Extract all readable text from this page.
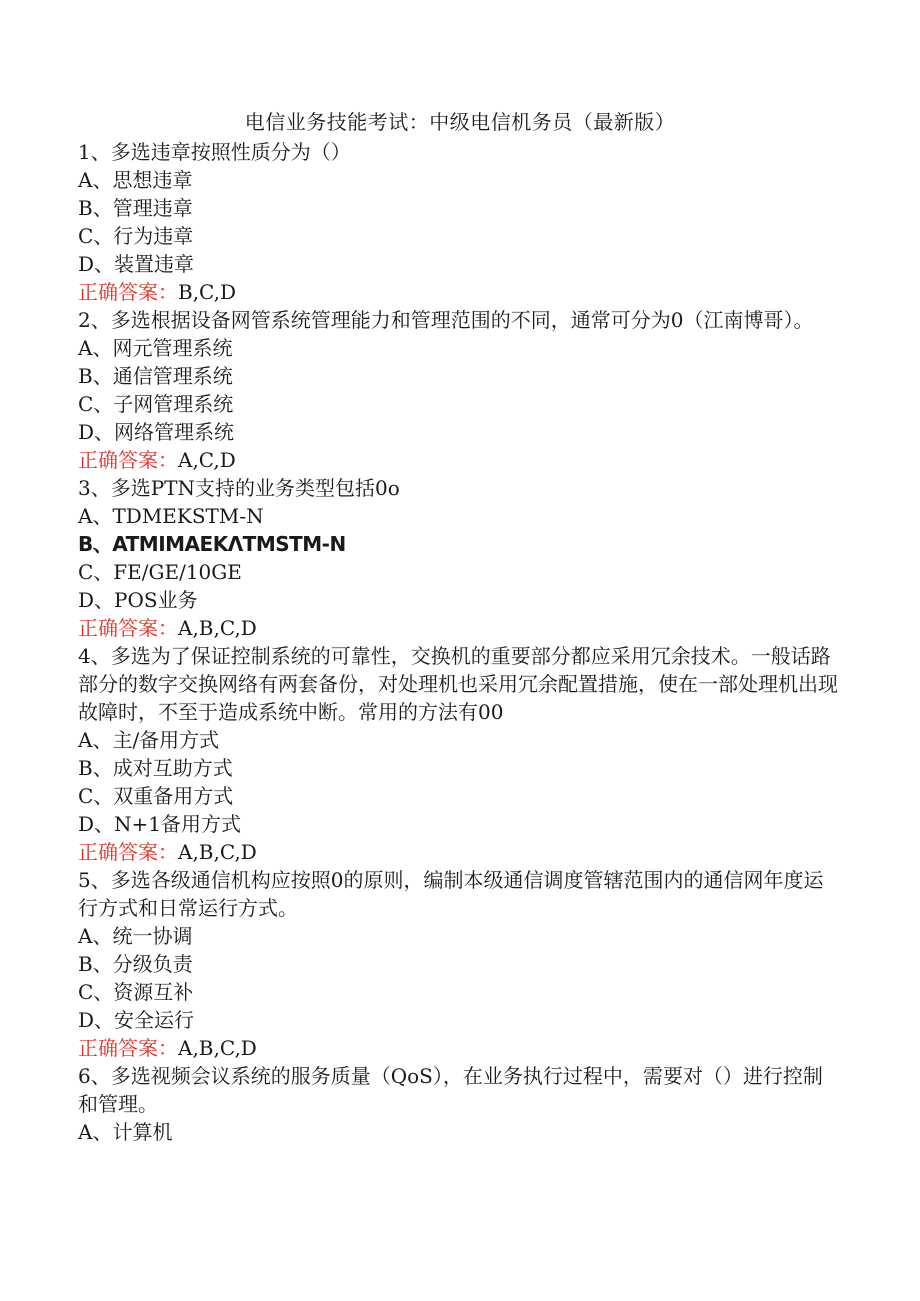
电信业务技能考试：中级电信机务员（最新版）

1、多选违章按照性质分为（）

A、思想违章

B、管理违章

C、行为违章

D、装置违章

正确答案：B,C,D

2、多选根据设备网管系统管理能力和管理范围的不同，通常可分为0（江南博哥）。

A、网元管理系统

B、通信管理系统

C、子网管理系统

D、网络管理系统

正确答案：A,C,D

3、多选PTN支持的业务类型包括0o

A、TDMEKSTM-N

B、ATMIMAEKΛTMSTM-N

C、FE/GE/10GE

D、POS业务

正确答案：A,B,C,D

4、多选为了保证控制系统的可靠性，交换机的重要部分都应采用冗余技术。一般话路部分的数字交换网络有两套备份，对处理机也采用冗余配置措施，使在一部处理机出现故障时，不至于造成系统中断。常用的方法有00

A、主/备用方式

B、成对互助方式

C、双重备用方式

D、N+1备用方式

正确答案：A,B,C,D

5、多选各级通信机构应按照0的原则，编制本级通信调度管辖范围内的通信网年度运行方式和日常运行方式。

A、统一协调

B、分级负责

C、资源互补

D、安全运行

正确答案：A,B,C,D

6、多选视频会议系统的服务质量（QoS），在业务执行过程中，需要对（）进行控制和管理。

A、计算机
